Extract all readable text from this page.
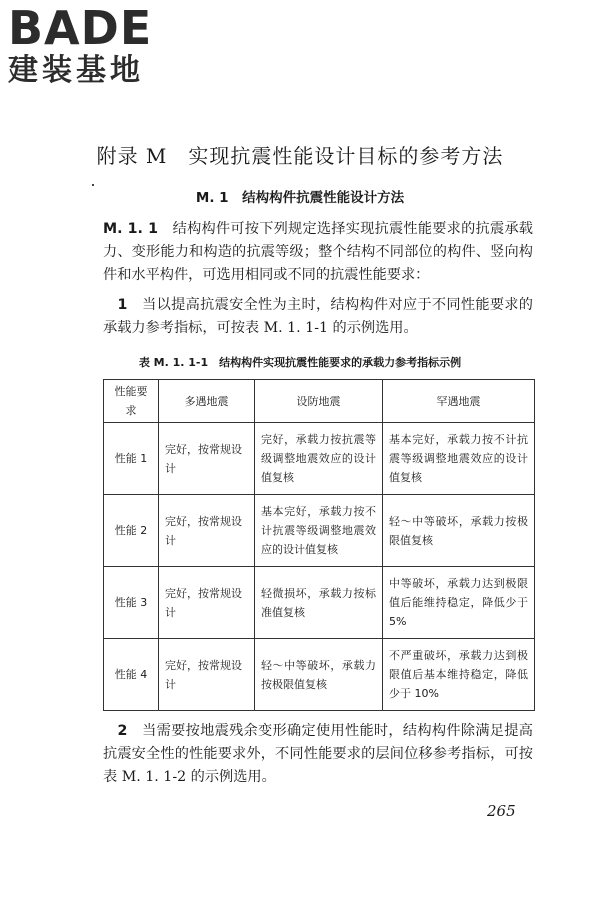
BADE
建装基地
附录 M　实现抗震性能设计目标的参考方法
M. 1　结构构件抗震性能设计方法
M. 1. 1　结构构件可按下列规定选择实现抗震性能要求的抗震承载力、变形能力和构造的抗震等级；整个结构不同部位的构件、竖向构件和水平构件，可选用相同或不同的抗震性能要求：
　1　当以提高抗震安全性为主时，结构构件对应于不同性能要求的承载力参考指标，可按表 M. 1. 1-1 的示例选用。
表 M. 1. 1-1　结构构件实现抗震性能要求的承载力参考指标示例
性能要求	多遇地震	设防地震	罕遇地震
性能 1	完好，按常规设计	完好，承载力按抗震等级调整地震效应的设计值复核	基本完好，承载力按不计抗震等级调整地震效应的设计值复核
性能 2	完好，按常规设计	基本完好，承载力按不计抗震等级调整地震效应的设计值复核	轻～中等破坏，承载力按极限值复核
性能 3	完好，按常规设计	轻微损坏，承载力按标准值复核	中等破坏，承载力达到极限值后能维持稳定，降低少于 5%
性能 4	完好，按常规设计	轻～中等破坏，承载力按极限值复核	不严重破坏，承载力达到极限值后基本维持稳定，降低少于 10%
　2　当需要按地震残余变形确定使用性能时，结构构件除满足提高抗震安全性的性能要求外，不同性能要求的层间位移参考指标，可按表 M. 1. 1-2 的示例选用。
265
